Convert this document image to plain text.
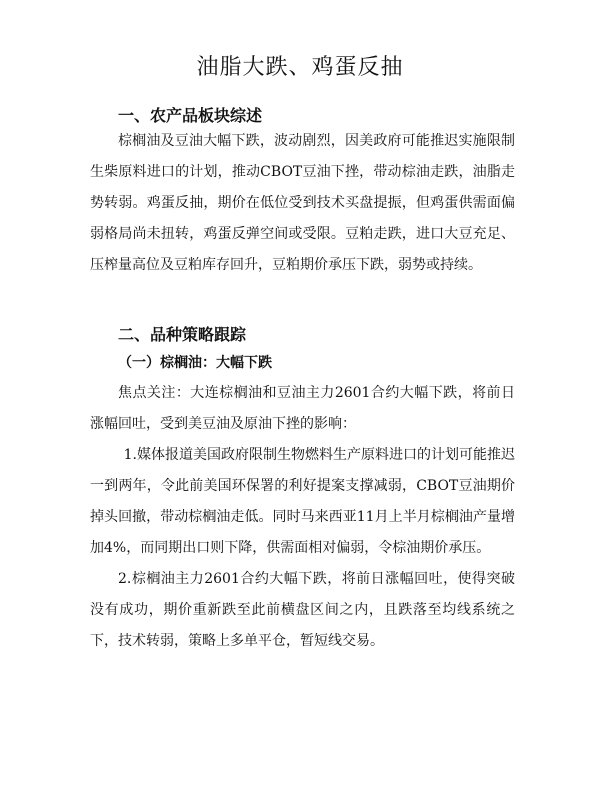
油脂大跌、鸡蛋反抽
一、农产品板块综述

棕榈油及豆油大幅下跌，波动剧烈，因美政府可能推迟实施限制生柴原料进口的计划，推动CBOT豆油下挫，带动棕油走跌，油脂走势转弱。鸡蛋反抽，期价在低位受到技术买盘提振，但鸡蛋供需面偏弱格局尚未扭转，鸡蛋反弹空间或受限。豆粕走跌，进口大豆充足、压榨量高位及豆粕库存回升，豆粕期价承压下跌，弱势或持续。

二、品种策略跟踪
（一）棕榈油：大幅下跌

焦点关注：大连棕榈油和豆油主力2601合约大幅下跌，将前日涨幅回吐，受到美豆油及原油下挫的影响：

1.媒体报道美国政府限制生物燃料生产原料进口的计划可能推迟一到两年，令此前美国环保署的利好提案支撑减弱，CBOT豆油期价掉头回撤，带动棕榈油走低。同时马来西亚11月上半月棕榈油产量增加4%，而同期出口则下降，供需面相对偏弱，令棕油期价承压。

2.棕榈油主力2601合约大幅下跌，将前日涨幅回吐，使得突破没有成功，期价重新跌至此前横盘区间之内，且跌落至均线系统之下，技术转弱，策略上多单平仓，暂短线交易。
